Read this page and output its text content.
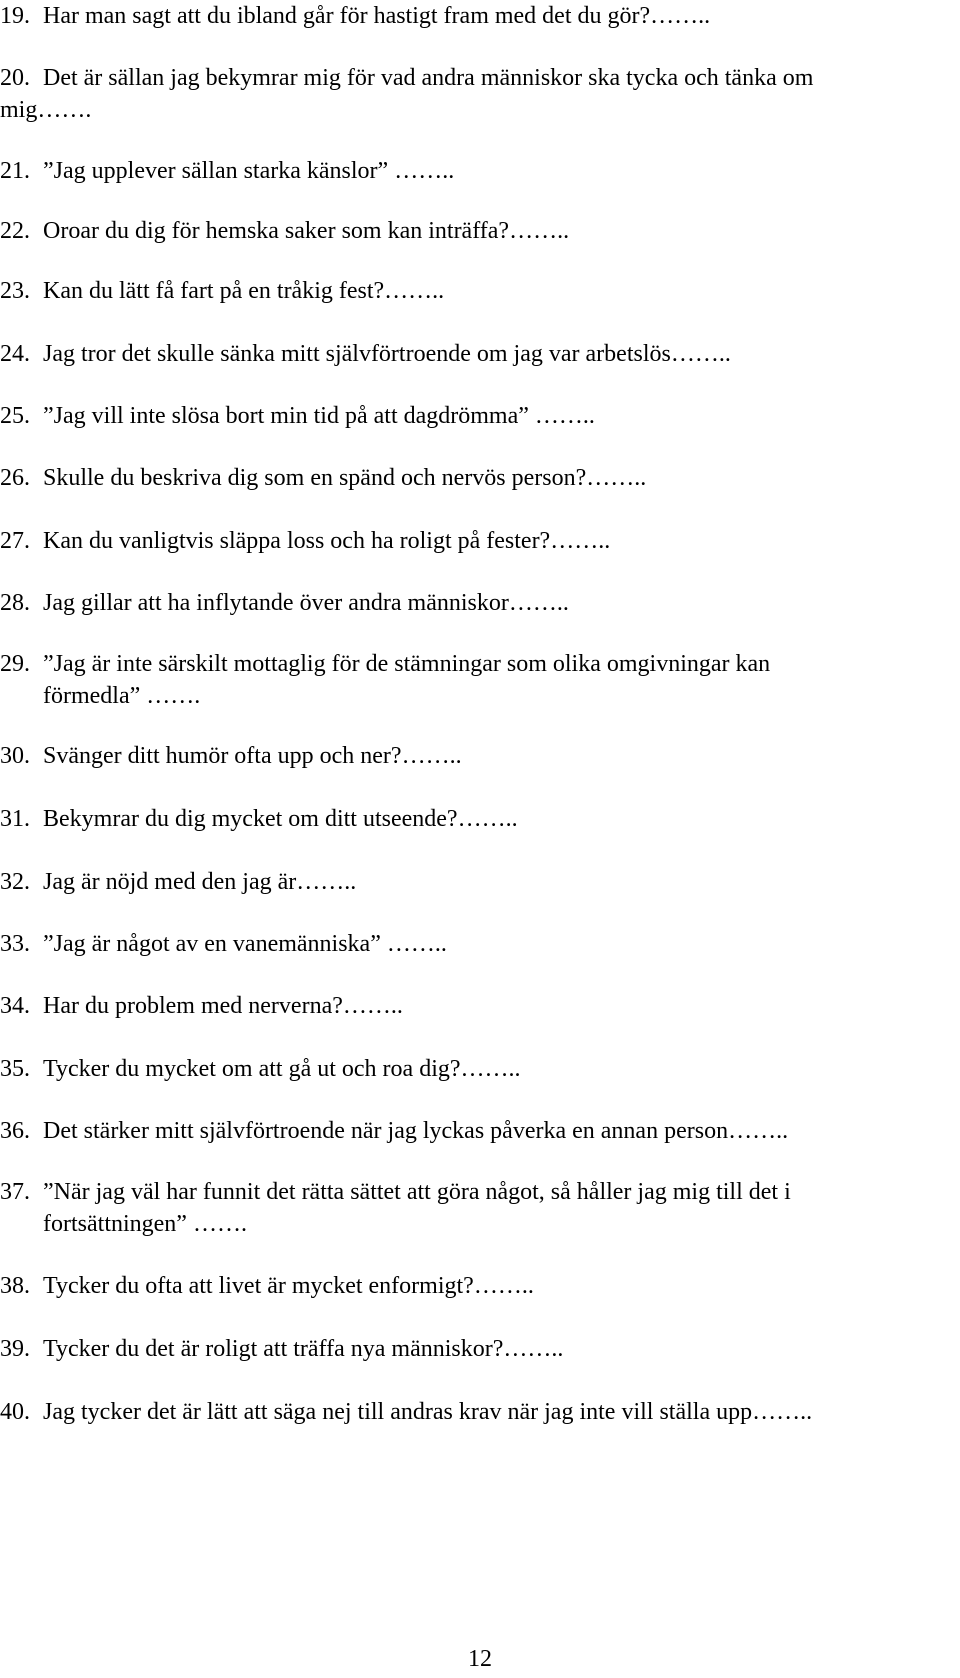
19. Har man sagt att du ibland går för hastigt fram med det du gör?……..
20. Det är sällan jag bekymrar mig för vad andra människor ska tycka och tänka om
mig…….
21. ”Jag upplever sällan starka känslor” ……..
22. Oroar du dig för hemska saker som kan inträffa?……..
23. Kan du lätt få fart på en tråkig fest?……..
24. Jag tror det skulle sänka mitt självförtroende om jag var arbetslös……..
25. ”Jag vill inte slösa bort min tid på att dagdrömma” ……..
26. Skulle du beskriva dig som en spänd och nervös person?……..
27. Kan du vanligtvis släppa loss och ha roligt på fester?……..
28. Jag gillar att ha inflytande över andra människor……..
29. ”Jag är inte särskilt mottaglig för de stämningar som olika omgivningar kan
förmedla” …….
30. Svänger ditt humör ofta upp och ner?……..
31. Bekymrar du dig mycket om ditt utseende?……..
32. Jag är nöjd med den jag är……..
33. ”Jag är något av en vanemänniska” ……..
34. Har du problem med nerverna?……..
35. Tycker du mycket om att gå ut och roa dig?……..
36. Det stärker mitt självförtroende när jag lyckas påverka en annan person……..
37. ”När jag väl har funnit det rätta sättet att göra något, så håller jag mig till det i
fortsättningen” …….
38. Tycker du ofta att livet är mycket enformigt?……..
39. Tycker du det är roligt att träffa nya människor?……..
40. Jag tycker det är lätt att säga nej till andras krav när jag inte vill ställa upp……..
12
